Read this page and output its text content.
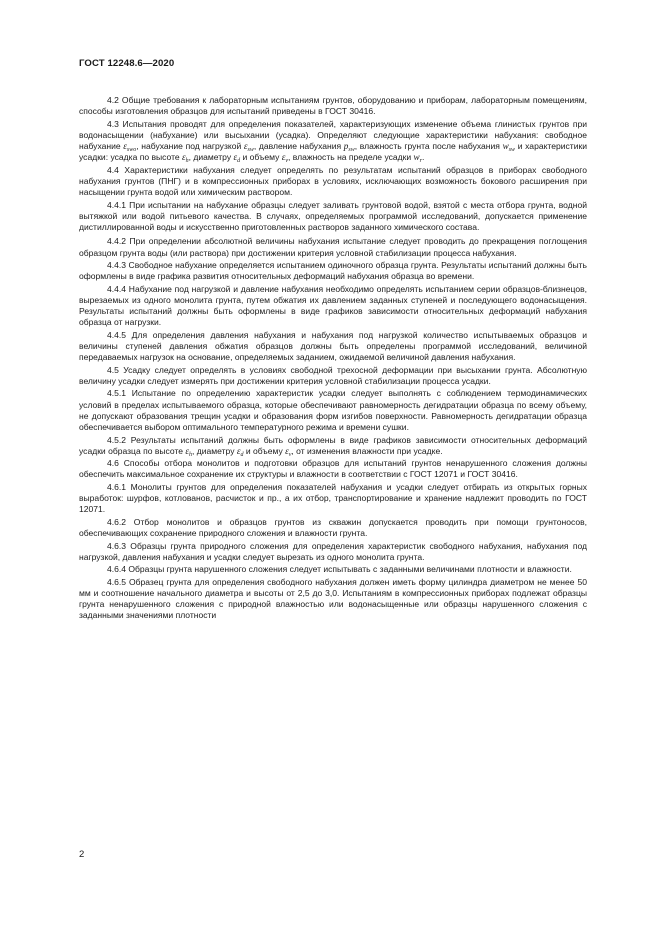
ГОСТ 12248.6—2020

4.2 Общие требования к лабораторным испытаниям грунтов, оборудованию и приборам, лабораторным помещениям, способы изготовления образцов для испытаний приведены в ГОСТ 30416.

4.3 Испытания проводят для определения показателей, характеризующих изменение объема глинистых грунтов при водонасыщении (набухание) или высыхании (усадка). Определяют следующие характеристики набухания: свободное набухание $\varepsilon_{swo}$, набухание под нагрузкой $\varepsilon_{sw}$, давление набухания $p_{sw}$, влажность грунта после набухания $w_{sw}$ и характеристики усадки: усадка по высоте $\varepsilon_h$, диаметру $\varepsilon_d$ и объему $\varepsilon_v$, влажность на пределе усадки $w_r$.

4.4 Характеристики набухания следует определять по результатам испытаний образцов в приборах свободного набухания грунтов (ПНГ) и в компрессионных приборах в условиях, исключающих возможность бокового расширения при насыщении грунта водой или химическим раствором.

4.4.1 При испытании на набухание образцы следует заливать грунтовой водой, взятой с места отбора грунта, водной вытяжкой или водой питьевого качества. В случаях, определяемых программой исследований, допускается применение дистиллированной воды и искусственно приготовленных растворов заданного химического состава.

4.4.2 При определении абсолютной величины набухания испытание следует проводить до прекращения поглощения образцом грунта воды (или раствора) при достижении критерия условной стабилизации процесса набухания.

4.4.3 Свободное набухание определяется испытанием одиночного образца грунта. Результаты испытаний должны быть оформлены в виде графика развития относительных деформаций набухания образца во времени.

4.4.4 Набухание под нагрузкой и давление набухания необходимо определять испытанием серии образцов-близнецов, вырезаемых из одного монолита грунта, путем обжатия их давлением заданных ступеней и последующего водонасыщения. Результаты испытаний должны быть оформлены в виде графиков зависимости относительных деформаций набухания образца от нагрузки.

4.4.5 Для определения давления набухания и набухания под нагрузкой количество испытываемых образцов и величины ступеней давления обжатия образцов должны быть определены программой исследований, величиной передаваемых нагрузок на основание, определяемых заданием, ожидаемой величиной давления набухания.

4.5 Усадку следует определять в условиях свободной трехосной деформации при высыхании грунта. Абсолютную величину усадки следует измерять при достижении критерия условной стабилизации процесса усадки.

4.5.1 Испытание по определению характеристик усадки следует выполнять с соблюдением термодинамических условий в пределах испытываемого образца, которые обеспечивают равномерность дегидратации образца по всему объему, не допускают образования трещин усадки и образования форм изгибов поверхности. Равномерность дегидратации образца обеспечивается выбором оптимального температурного режима и времени сушки.

4.5.2 Результаты испытаний должны быть оформлены в виде графиков зависимости относительных деформаций усадки образца по высоте $\varepsilon_h$, диаметру $\varepsilon_d$ и объему $\varepsilon_v$, от изменения влажности при усадке.

4.6 Способы отбора монолитов и подготовки образцов для испытаний грунтов ненарушенного сложения должны обеспечить максимальное сохранение их структуры и влажности в соответствии с ГОСТ 12071 и ГОСТ 30416.

4.6.1 Монолиты грунтов для определения показателей набухания и усадки следует отбирать из открытых горных выработок: шурфов, котлованов, расчисток и пр., а их отбор, транспортирование и хранение надлежит проводить по ГОСТ 12071.

4.6.2 Отбор монолитов и образцов грунтов из скважин допускается проводить при помощи грунтоносов, обеспечивающих сохранение природного сложения и влажности грунта.

4.6.3 Образцы грунта природного сложения для определения характеристик свободного набухания, набухания под нагрузкой, давления набухания и усадки следует вырезать из одного монолита грунта.

4.6.4 Образцы грунта нарушенного сложения следует испытывать с заданными величинами плотности и влажности.

4.6.5 Образец грунта для определения свободного набухания должен иметь форму цилиндра диаметром не менее 50 мм и соотношение начального диаметра и высоты от 2,5 до 3,0. Испытаниям в компрессионных приборах подлежат образцы грунта ненарушенного сложения с природной влажностью или водонасыщенные или образцы нарушенного сложения с заданными значениями плотности

2
